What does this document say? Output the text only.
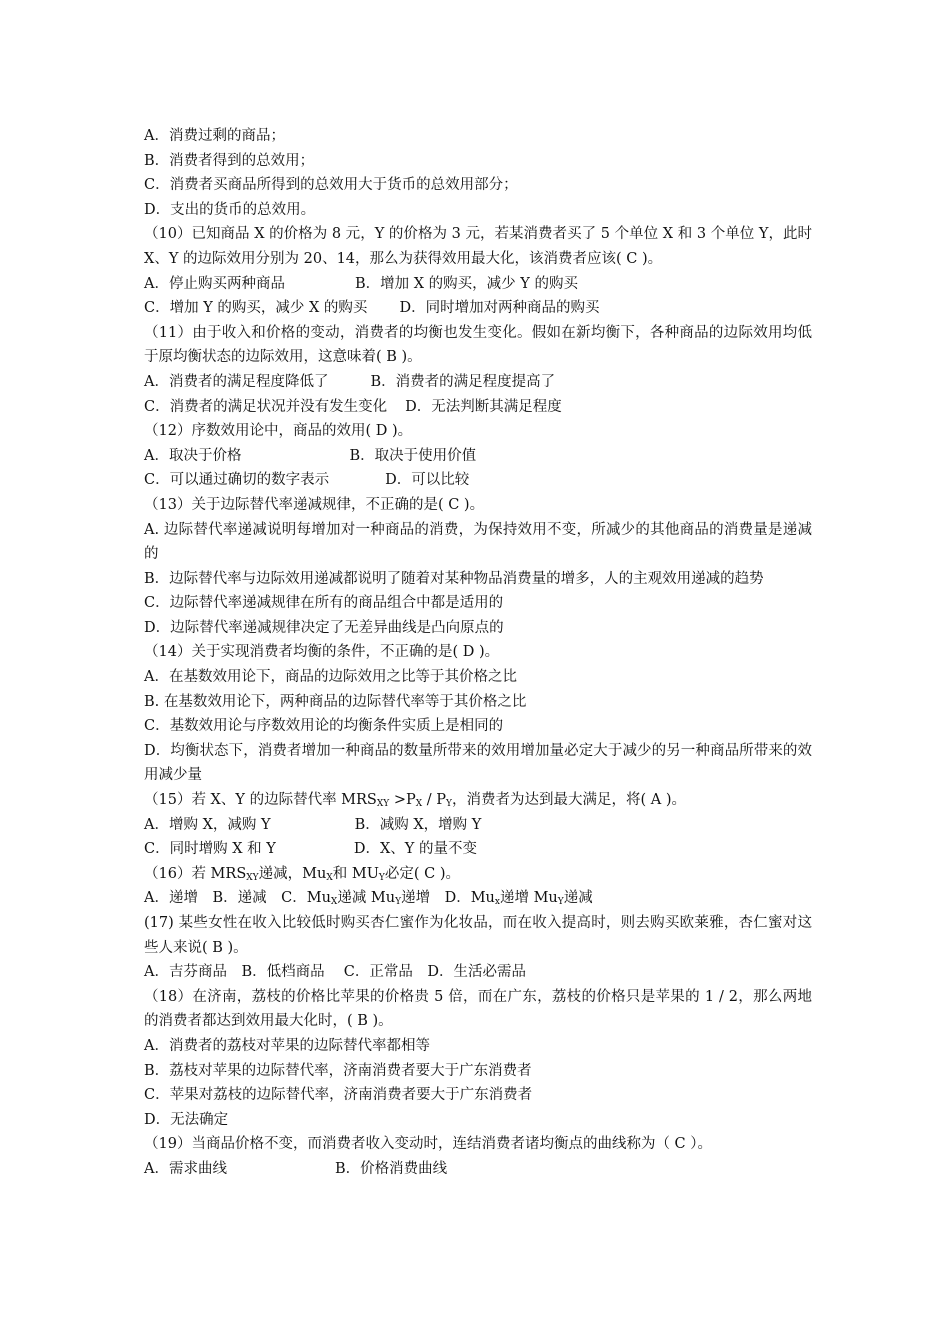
A．消费过剩的商品；
B．消费者得到的总效用；
C．消费者买商品所得到的总效用大于货币的总效用部分；
D．支出的货币的总效用。
（10）已知商品 X 的价格为 8 元，Y 的价格为 3 元，若某消费者买了 5 个单位 X 和 3 个单位 Y，此时 X、Y 的边际效用分别为 20、14，那么为获得效用最大化，该消费者应该( C )。
A．停止购买两种商品	B．增加 X 的购买，减少 Y 的购买
C．增加 Y 的购买，减少 X 的购买 D．同时增加对两种商品的购买
（11）由于收入和价格的变动，消费者的均衡也发生变化。假如在新均衡下，各种商品的边际效用均低于原均衡状态的边际效用，这意味着( B )。
A．消费者的满足程度降低了	B．消费者的满足程度提高了
C．消费者的满足状况并没有发生变化 D．无法判断其满足程度
（12）序数效用论中，商品的效用( D )。
A．取决于价格	B．取决于使用价值
C．可以通过确切的数字表示	D．可以比较
（13）关于边际替代率递减规律，不正确的是( C )。
A. 边际替代率递减说明每增加对一种商品的消费，为保持效用不变，所减少的其他商品的消费量是递减的
B．边际替代率与边际效用递减都说明了随着对某种物品消费量的增多，人的主观效用递减的趋势
C．边际替代率递减规律在所有的商品组合中都是适用的
D．边际替代率递减规律决定了无差异曲线是凸向原点的
（14）关于实现消费者均衡的条件，不正确的是( D )。
A．在基数效用论下，商品的边际效用之比等于其价格之比
B. 在基数效用论下，两种商品的边际替代率等于其价格之比
C．基数效用论与序数效用论的均衡条件实质上是相同的
D．均衡状态下，消费者增加一种商品的数量所带来的效用增加量必定大于减少的另一种商品所带来的效用减少量
（15）若 X、Y 的边际替代率 $MRS_{XY} >P_X / P_Y$，消费者为达到最大满足，将( A )。
A．增购 X，减购 Y	B．减购 X，增购 Y
C．同时增购 X 和 Y	D．X、Y 的量不变
（16）若 $MRS_{XY}$递减，$Mu_X$和 $MU_Y$必定( C )。
A．递增　B．递减　C．$Mu_X$递减 $Mu_Y$递增　D．$Mu_x$递增 $Mu_Y$递减
(17) 某些女性在收入比较低时购买杏仁蜜作为化妆品，而在收入提高时，则去购买欧莱雅，杏仁蜜对这些人来说( B )。
A．吉芬商品　B．低档商品　 C．正常品　D．生活必需品
（18）在济南，荔枝的价格比苹果的价格贵 5 倍，而在广东，荔枝的价格只是苹果的 1 / 2，那么两地的消费者都达到效用最大化时，( B )。
A．消费者的荔枝对苹果的边际替代率都相等
B．荔枝对苹果的边际替代率，济南消费者要大于广东消费者
C．苹果对荔枝的边际替代率，济南消费者要大于广东消费者
D．无法确定
（19）当商品价格不变，而消费者收入变动时，连结消费者诸均衡点的曲线称为（ C ）。
A．需求曲线	B．价格消费曲线
